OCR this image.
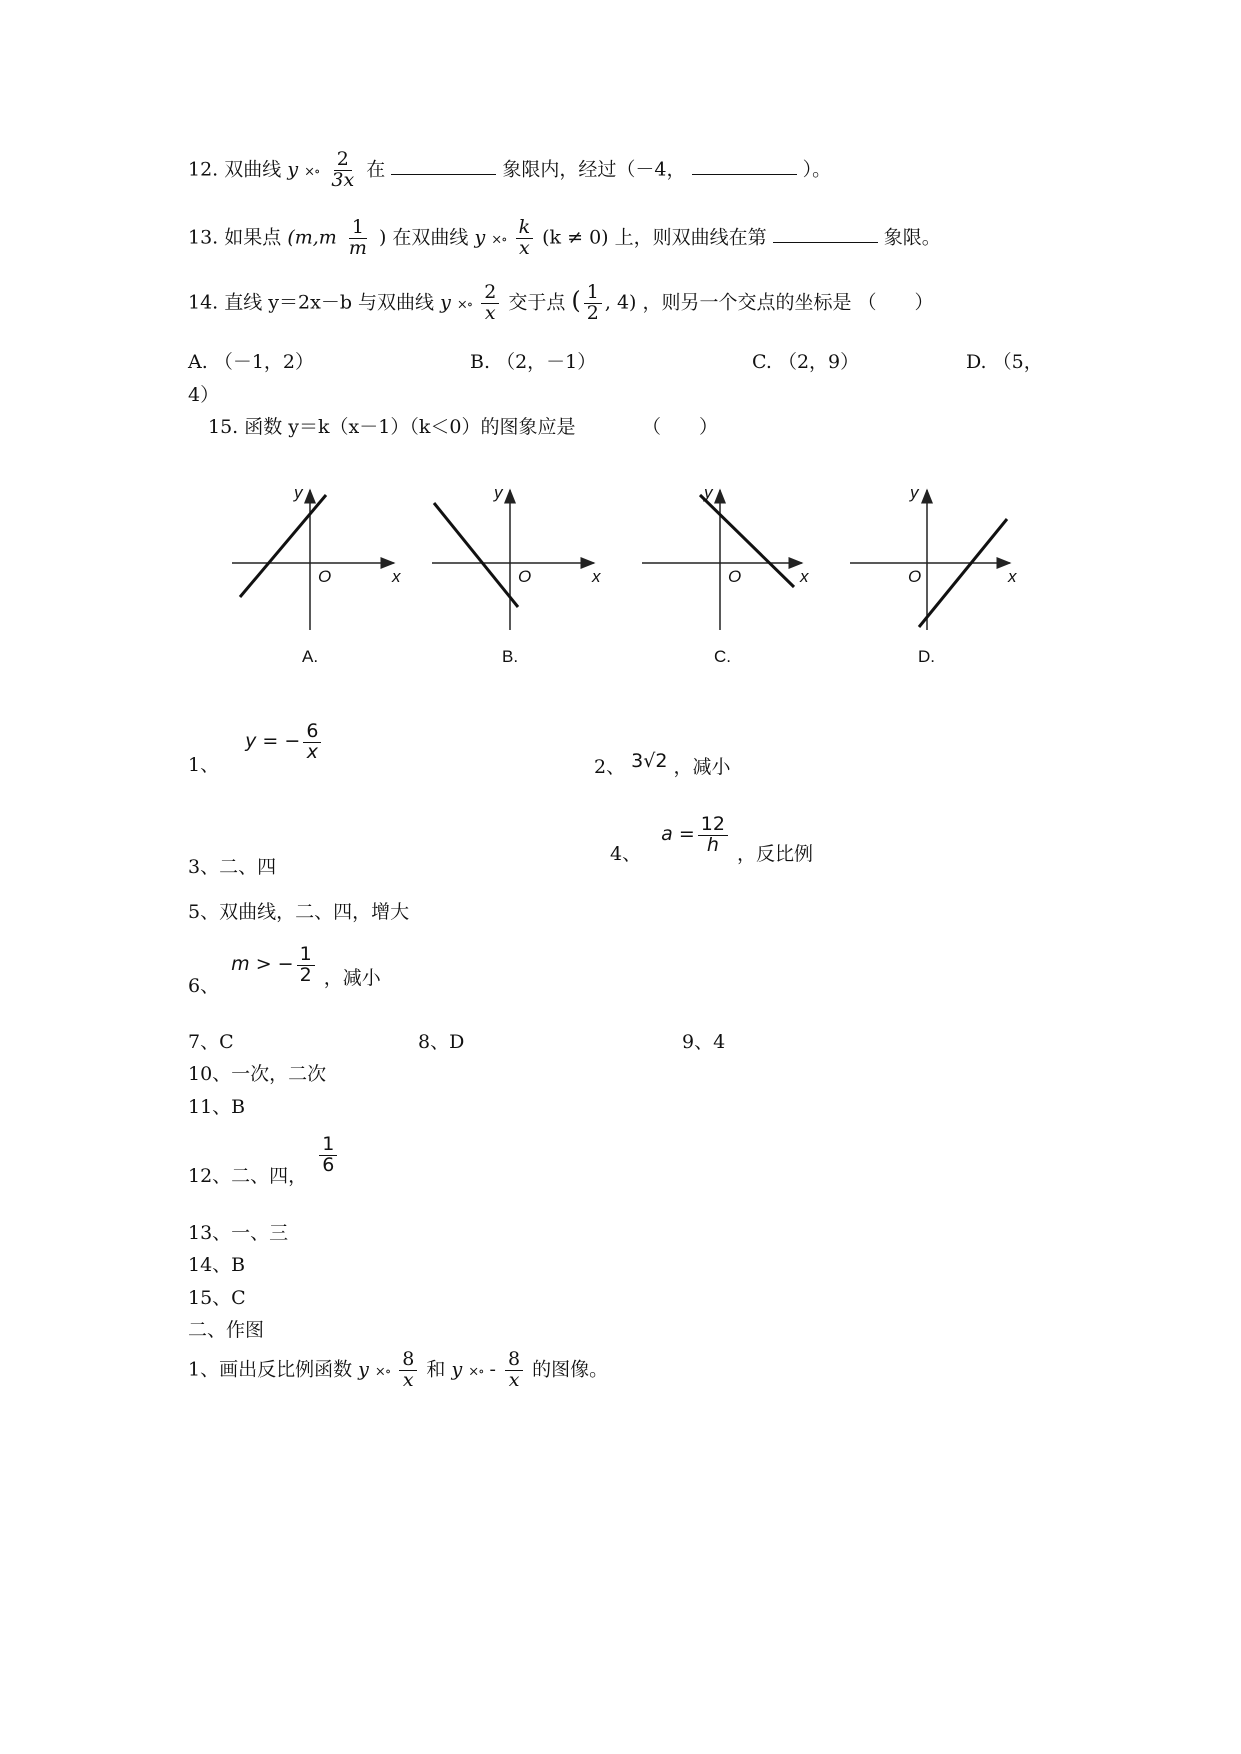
12. 双曲线 y ×∘ $\frac{2}{3x}$ 在	象限内，经过（－4，	）。
13. 如果点 ($m,m \frac{1}{m}$ ) 在双曲线 y ×∘ $\frac{k}{x} (k \ne 0)$ 上，则双曲线在第	象限。
14. 直线 y＝2x－b 与双曲线 y ×∘ $\frac{2}{x}$ 交于点 ( $\frac{1}{2}$ , 4) ，则另一个交点的坐标是 （　　）
A. （－1，2）	B. （2，－1）	C. （2，9）	D. （5，
4）
15. 函数 y＝k（x－1）（k＜0）的图象应是　　　　（　　）
y
x
O
A.
y
x
O
B.
y
x
O
C.
y
x
O
D.
1、 y = − $\frac{6}{x}$
2、 3√2 ，减小
3、二、四
4、 $a = \frac{12}{h}$ ，反比例
5、双曲线，二、四，增大
6、 m > − $\frac{1}{2}$ ，减小
7、C	8、D	9、4
10、一次，二次
11、B
12、二、四，
$\frac{1}{6}$
13、一、三
14、B
15、C
二、作图
1、画出反比例函数 y ×∘ $\frac{8}{x}$ 和 y ×∘ - $\frac{8}{x}$ 的图像。
